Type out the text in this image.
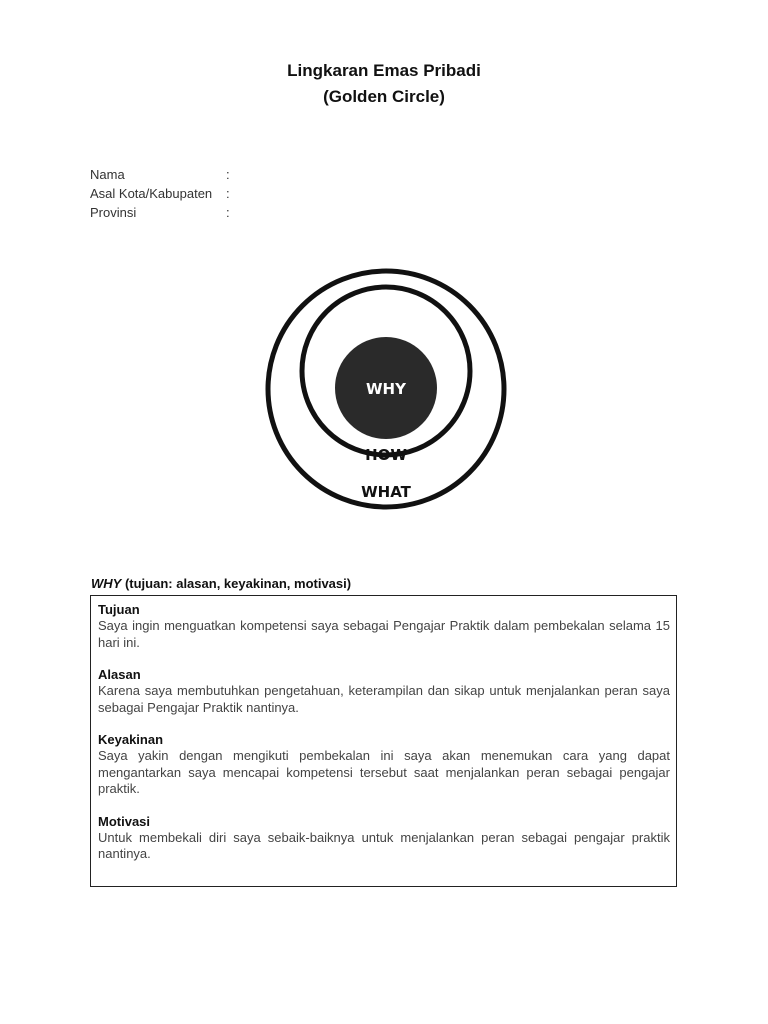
Lingkaran Emas Pribadi
(Golden Circle)
Nama	:
Asal Kota/Kabupaten	:
Provinsi	:
WHY
HOW
WHAT
WHY (tujuan: alasan, keyakinan, motivasi)
Tujuan
Saya ingin menguatkan kompetensi saya sebagai Pengajar Praktik dalam pembekalan selama 15 hari ini.
Alasan
Karena saya membutuhkan pengetahuan, keterampilan dan sikap untuk menjalankan peran saya sebagai Pengajar Praktik nantinya.
Keyakinan
Saya yakin dengan mengikuti pembekalan ini saya akan menemukan cara yang dapat mengantarkan saya mencapai kompetensi tersebut saat menjalankan peran sebagai pengajar praktik.
Motivasi
Untuk membekali diri saya sebaik-baiknya untuk menjalankan peran sebagai pengajar praktik nantinya.
